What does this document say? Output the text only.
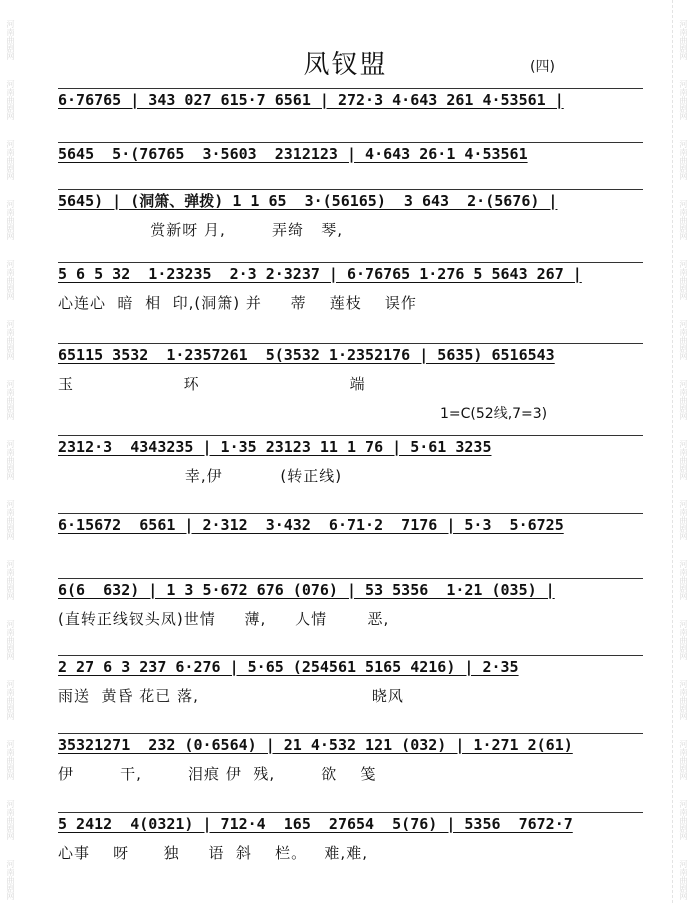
河南曲剧网
河南曲剧网
河南曲剧网
河南曲剧网
河南曲剧网
河南曲剧网
河南曲剧网
河南曲剧网
河南曲剧网
河南曲剧网
河南曲剧网
河南曲剧网
河南曲剧网
河南曲剧网
河南曲剧网
河南曲剧网
河南曲剧网
河南曲剧网
河南曲剧网
河南曲剧网
河南曲剧网
河南曲剧网
河南曲剧网
河南曲剧网
河南曲剧网
河南曲剧网
河南曲剧网
河南曲剧网
河南曲剧网
河南曲剧网
凤钗盟	(四)
1=C(52线,7=3)
6·76765 | 343 027 615·7 6561 | 272·3 4·643 261 4·53561 |
5645  5·(76765  3·5603  2312123 | 4·643 26·1 4·53561
5645) | (洞箫、弹拨) 1 1 65  3·(56165)  3 643  2·(5676) |
赏新呀 月,        弄绮   琴,
5 6 5 32  1·23235  2·3 2·3237 | 6·76765 1·276 5 5643 267 |
心连心  暗  相  印,(洞箫) 并     蒂    莲枝    误作
65115 3532  1·2357261  5(3532 1·2352176 | 5635) 6516543
玉                   环                          端
2312·3  4343235 | 1·35 23123 11 1 76 | 5·61 3235
幸,伊          (转正线)
6·15672  6561 | 2·312  3·432  6·71·2  7176 | 5·3  5·6725
6(6  632) | 1 3 5·672 676 (076) | 53 5356  1·21 (035) |
(直转正线钗头凤)世情     薄,     人情       恶,
2 27 6 3 237 6·276 | 5·65 (254561 5165 4216) | 2·35
雨送  黄昏 花已 落,                              晓风
35321271  232 (0·6564) | 21 4·532 121 (032) | 1·271 2(61)
伊        干,        泪痕 伊  残,        欲    笺
5 2412  4(0321) | 712·4  165  27654  5(76) | 5356  7672·7
心事    呀      独     语  斜    栏。   难,难,
